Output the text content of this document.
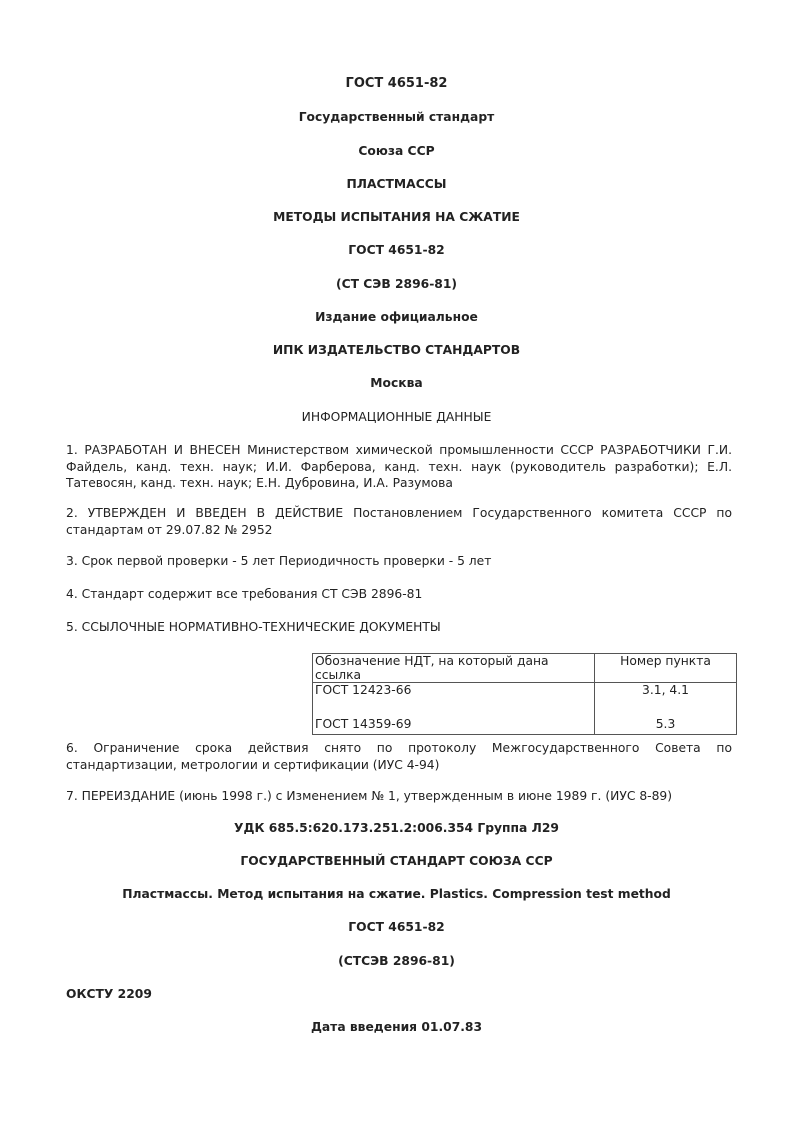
ГОСТ 4651-82
Государственный стандарт
Союза ССР
ПЛАСТМАССЫ
МЕТОДЫ ИСПЫТАНИЯ НА СЖАТИЕ
ГОСТ 4651-82
(СТ СЭВ 2896-81)
Издание официальное
ИПК ИЗДАТЕЛЬСТВО СТАНДАРТОВ
Москва
ИНФОРМАЦИОННЫЕ ДАННЫЕ
1. РАЗРАБОТАН И ВНЕСЕН Министерством химической промышленности СССР РАЗРАБОТЧИКИ Г.И. Файдель, канд. техн. наук; И.И. Фарберова, канд. техн. наук (руководитель разработки); Е.Л. Татевосян, канд. техн. наук; Е.Н. Дубровина, И.А. Разумова
2. УТВЕРЖДЕН И ВВЕДЕН В ДЕЙСТВИЕ Постановлением Государственного комитета СССР по стандартам от 29.07.82 № 2952
3. Срок первой проверки - 5 лет Периодичность проверки - 5 лет
4. Стандарт содержит все требования СТ СЭВ 2896-81
5. ССЫЛОЧНЫЕ НОРМАТИВНО-ТЕХНИЧЕСКИЕ ДОКУМЕНТЫ
Обозначение НДТ, на который дана ссылка	Номер пункта
ГОСТ 12423-66	3.1, 4.1

ГОСТ 14359-69	5.3
6. Ограничение срока действия снято по протоколу Межгосударственного Совета по стандартизации, метрологии и сертификации (ИУС 4-94)
7. ПЕРЕИЗДАНИЕ (июнь 1998 г.) с Изменением № 1, утвержденным в июне 1989 г. (ИУС 8-89)
УДК 685.5:620.173.251.2:006.354 Группа Л29
ГОСУДАРСТВЕННЫЙ СТАНДАРТ СОЮЗА ССР
Пластмассы. Метод испытания на сжатие. Plastics. Compression test method
ГОСТ 4651-82
(СТСЭВ 2896-81)
ОКСТУ 2209
Дата введения 01.07.83
